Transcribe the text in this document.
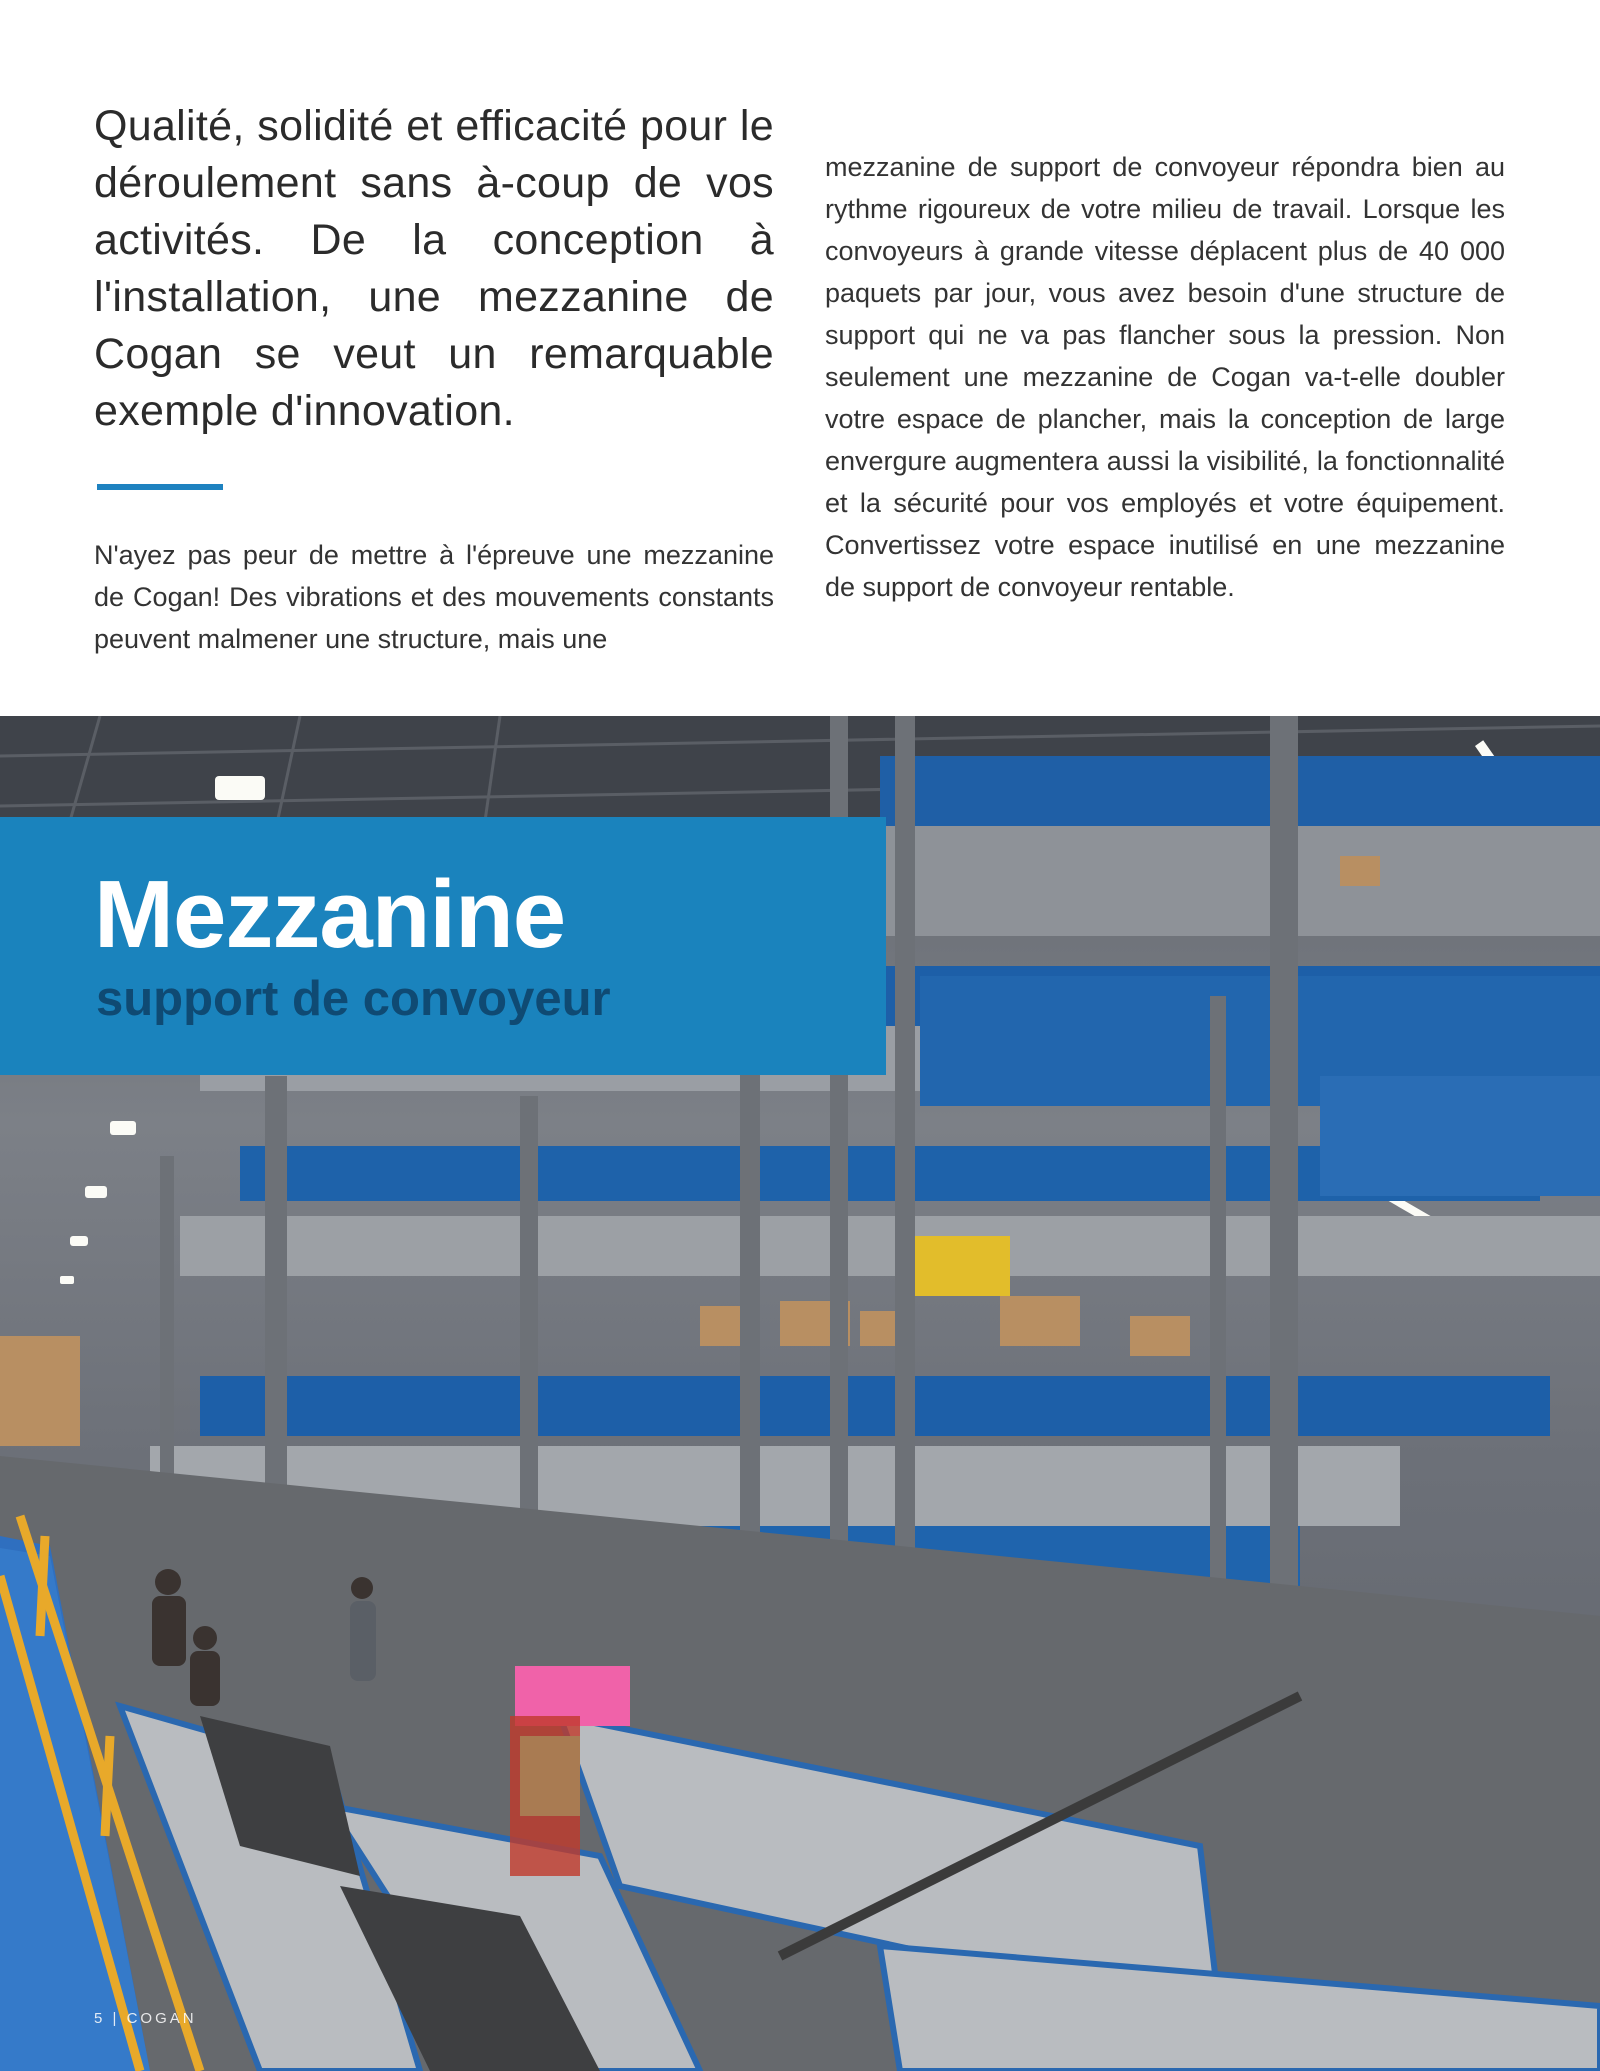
Qualité, solidité et efficacité pour le déroulement sans à-coup de vos activités. De la conception à l'installation, une mezzanine de Cogan se veut un remarquable exemple d'innovation.

N'ayez pas peur de mettre à l'épreuve une mezzanine de Cogan! Des vibrations et des mouvements constants peuvent malmener une structure, mais une

mezzanine de support de convoyeur répondra bien au rythme rigoureux de votre milieu de travail. Lorsque les convoyeurs à grande vitesse déplacent plus de 40 000 paquets par jour, vous avez besoin d'une structure de support qui ne va pas flancher sous la pression. Non seulement une mezzanine de Cogan va-t-elle doubler votre espace de plancher, mais la conception de large envergure augmentera aussi la visibilité, la fonctionnalité et la sécurité pour vos employés et votre équipement. Convertissez votre espace inutilisé en une mezzanine de support de convoyeur rentable.

Mezzanine
support de convoyeur
5 | COGAN
